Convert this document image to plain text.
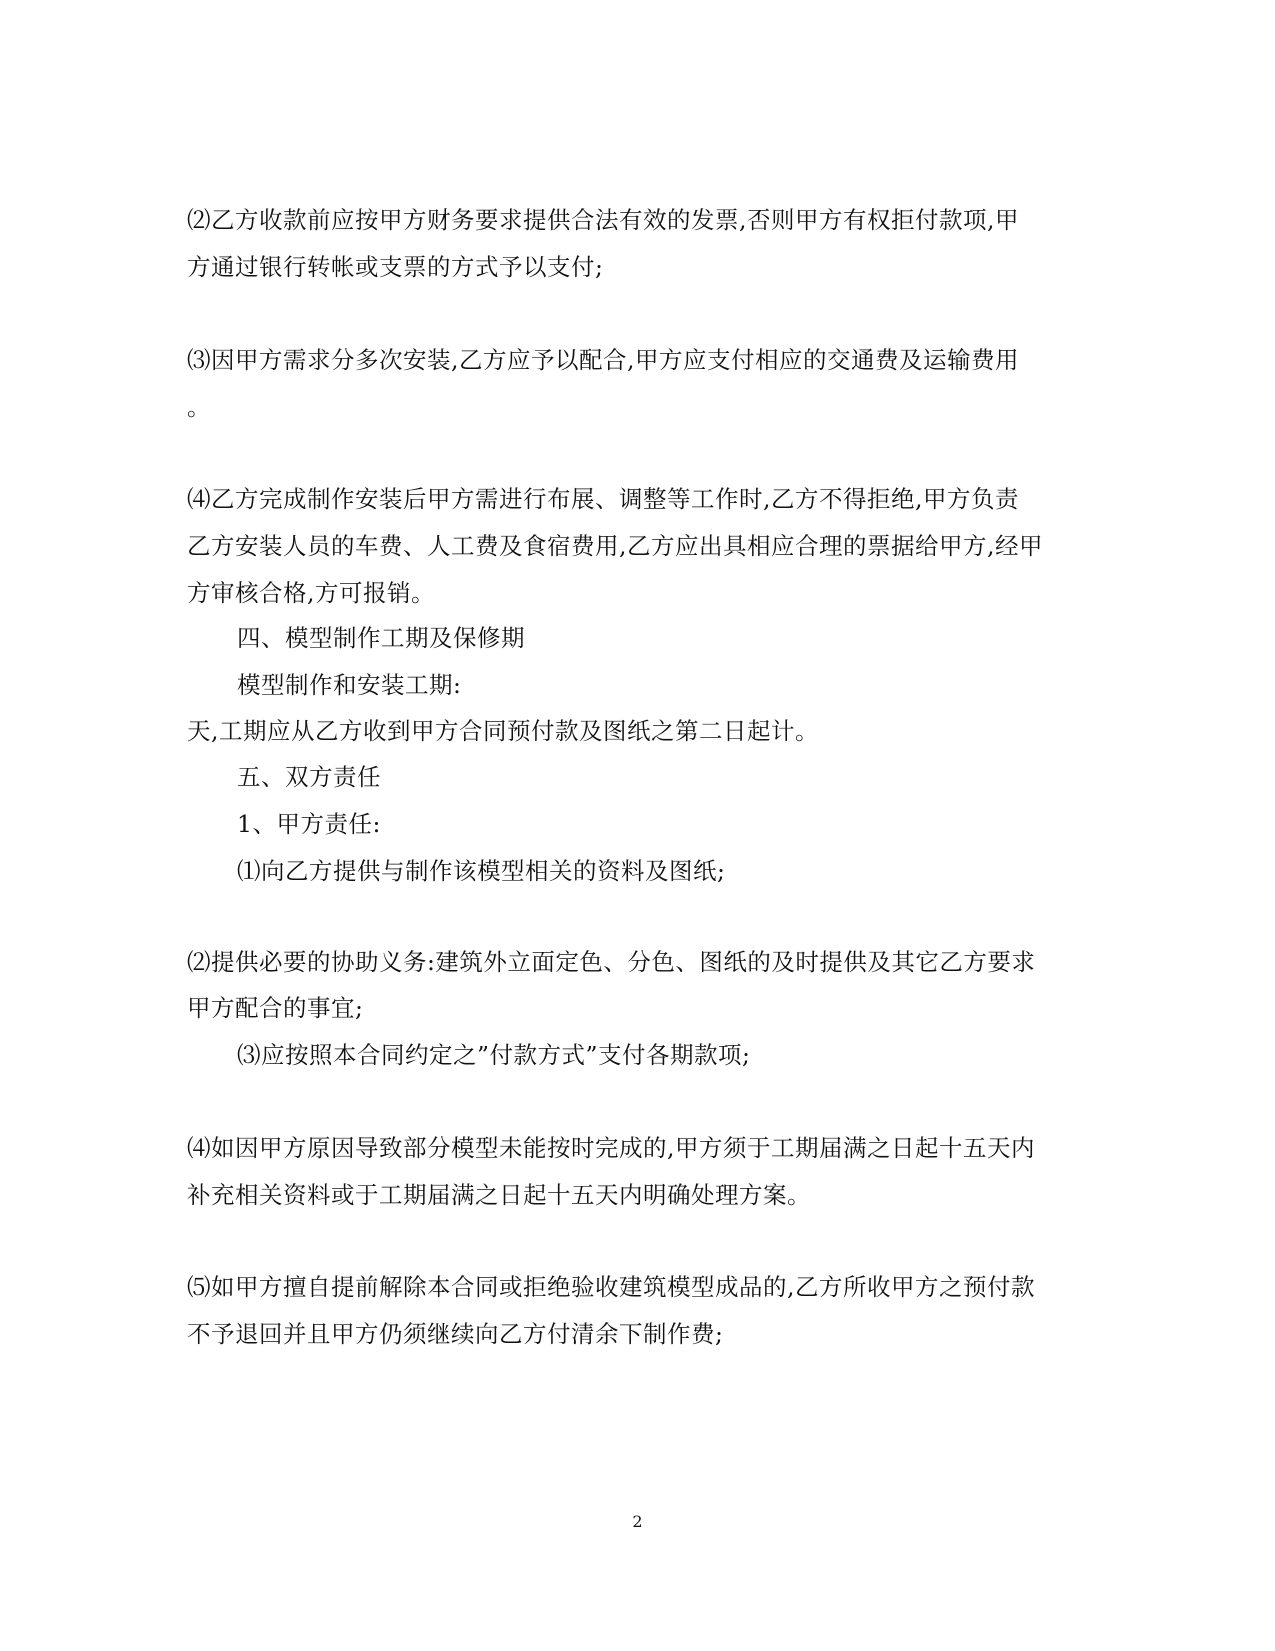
⑵乙方收款前应按甲方财务要求提供合法有效的发票,否则甲方有权拒付款项,甲
方通过银行转帐或支票的方式予以支付;
⑶因甲方需求分多次安装,乙方应予以配合,甲方应支付相应的交通费及运输费用
。
⑷乙方完成制作安装后甲方需进行布展、调整等工作时,乙方不得拒绝,甲方负责
乙方安装人员的车费、人工费及食宿费用,乙方应出具相应合理的票据给甲方,经甲
方审核合格,方可报销。
四、模型制作工期及保修期
模型制作和安装工期:
天,工期应从乙方收到甲方合同预付款及图纸之第二日起计。
五、双方责任
1、甲方责任:
⑴向乙方提供与制作该模型相关的资料及图纸;
⑵提供必要的协助义务:建筑外立面定色、分色、图纸的及时提供及其它乙方要求
甲方配合的事宜;
⑶应按照本合同约定之”付款方式”支付各期款项;
⑷如因甲方原因导致部分模型未能按时完成的,甲方须于工期届满之日起十五天内
补充相关资料或于工期届满之日起十五天内明确处理方案。
⑸如甲方擅自提前解除本合同或拒绝验收建筑模型成品的,乙方所收甲方之预付款
不予退回并且甲方仍须继续向乙方付清余下制作费;
2
